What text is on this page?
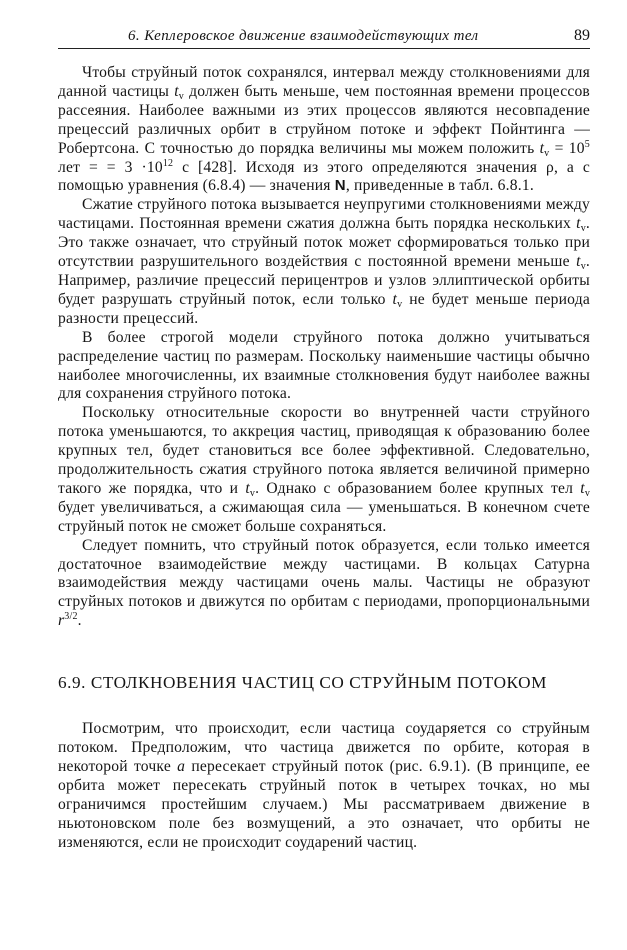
6. Кеплеровское движение взаимодействующих тел	89

Чтобы струйный поток сохранялся, интервал между столкновениями для данной частицы $t_v$ должен быть меньше, чем постоянная времени процессов рассеяния. Наиболее важными из этих процессов являются несовпадение прецессий различных орбит в струйном потоке и эффект Пойнтинга — Робертсона. С точностью до порядка величины мы можем положить $t_v = 10^5$ лет = = $3 \cdot 10^{12}$ с [428]. Исходя из этого определяются значения ρ, а с помощью уравнения (6.8.4) — значения N, приведенные в табл. 6.8.1.

Сжатие струйного потока вызывается неупругими столкновениями между частицами. Постоянная времени сжатия должна быть порядка нескольких $t_v$. Это также означает, что струйный поток может сформироваться только при отсутствии разрушительного воздействия с постоянной времени меньше $t_v$. Например, различие прецессий перицентров и узлов эллиптической орбиты будет разрушать струйный поток, если только $t_v$ не будет меньше периода разности прецессий.

В более строгой модели струйного потока должно учитываться распределение частиц по размерам. Поскольку наименьшие частицы обычно наиболее многочисленны, их взаимные столкновения будут наиболее важны для сохранения струйного потока.

Поскольку относительные скорости во внутренней части струйного потока уменьшаются, то аккреция частиц, приводящая к образованию более крупных тел, будет становиться все более эффективной. Следовательно, продолжительность сжатия струйного потока является величиной примерно такого же порядка, что и $t_v$. Однако с образованием более крупных тел $t_v$ будет увеличиваться, а сжимающая сила — уменьшаться. В конечном счете струйный поток не сможет больше сохраняться.

Следует помнить, что струйный поток образуется, если только имеется достаточное взаимодействие между частицами. В кольцах Сатурна взаимодействия между частицами очень малы. Частицы не образуют струйных потоков и движутся по орбитам с периодами, пропорциональными $r^{3/2}$.

6.9. СТОЛКНОВЕНИЯ ЧАСТИЦ СО СТРУЙНЫМ ПОТОКОМ

Посмотрим, что происходит, если частица соударяется со струйным потоком. Предположим, что частица движется по орбите, которая в некоторой точке a пересекает струйный поток (рис. 6.9.1). (В принципе, ее орбита может пересекать струйный поток в четырех точках, но мы ограничимся простейшим случаем.) Мы рассматриваем движение в ньютоновском поле без возмущений, а это означает, что орбиты не изменяются, если не происходит соударений частиц.
